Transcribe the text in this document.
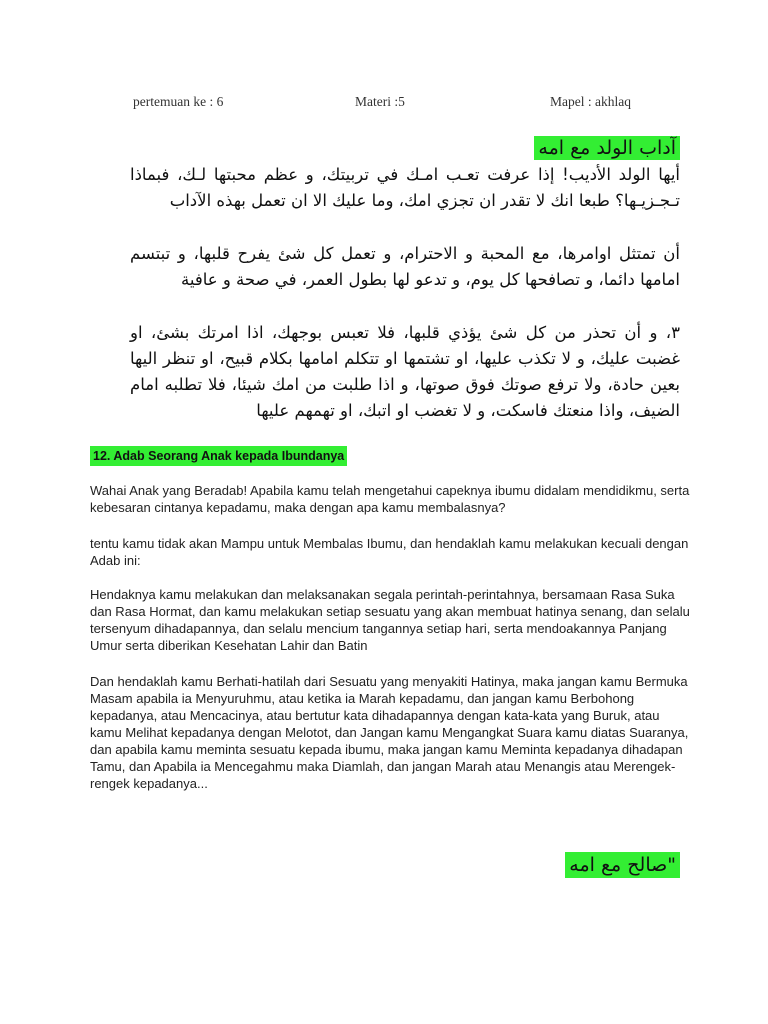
pertemuan ke : 6	Materi :5	Mapel : akhlaq
آداب الولد مع امه

أيها الولد الأديب! إذا عرفت تعـب امـك في تربيتك، و عظم محبتها لـك، فبماذا تـجـزيـها؟ طبعا انك لا تقدر ان تجزي امك، وما عليك الا ان تعمل بهذه الآداب

أن تمتثل اوامرها، مع المحبة و الاحترام، و تعمل كل شئ يفرح قلبها، و تبتسم امامها دائما، و تصافحها كل يوم، و تدعو لها بطول العمر، في صحة و عافية

٣، و أن تحذر من كل شئ يؤذي قلبها، فلا تعبس بوجهك، اذا امرتك بشئ، او غضبت عليك، و لا تكذب عليها، او تشتمها او تتكلم امامها بكلام قبيح، او تنظر اليها بعين حادة، ولا ترفع صوتك فوق صوتها، و اذا طلبت من امك شيئا، فلا تطلبه امام الضيف، واذا منعتك فاسكت، و لا تغضب او اتبك، او تهمهم عليها

12. Adab Seorang Anak kepada Ibundanya

Wahai Anak yang Beradab! Apabila kamu telah mengetahui capeknya ibumu didalam mendidikmu, serta kebesaran cintanya kepadamu, maka dengan apa kamu membalasnya?

tentu kamu tidak akan Mampu untuk Membalas Ibumu, dan hendaklah kamu melakukan kecuali dengan Adab ini:

Hendaknya kamu melakukan dan melaksanakan segala perintah-perintahnya, bersamaan Rasa Suka dan Rasa Hormat, dan kamu melakukan setiap sesuatu yang akan membuat hatinya senang, dan selalu tersenyum dihadapannya, dan selalu mencium tangannya setiap hari, serta mendoakannya Panjang Umur serta diberikan Kesehatan Lahir dan Batin

Dan hendaklah kamu Berhati-hatilah dari Sesuatu yang menyakiti Hatinya, maka jangan kamu Bermuka Masam apabila ia Menyuruhmu, atau ketika ia Marah kepadamu, dan jangan kamu Berbohong kepadanya, atau Mencacinya, atau bertutur kata dihadapannya dengan kata-kata yang Buruk, atau kamu Melihat kepadanya dengan Melotot, dan Jangan kamu Mengangkat Suara kamu diatas Suaranya, dan apabila kamu meminta sesuatu kepada ibumu, maka jangan kamu Meminta kepadanya dihadapan Tamu, dan Apabila ia Mencegahmu maka Diamlah, dan jangan Marah atau Menangis atau Merengek-rengek kepadanya...

"صالح مع امه
